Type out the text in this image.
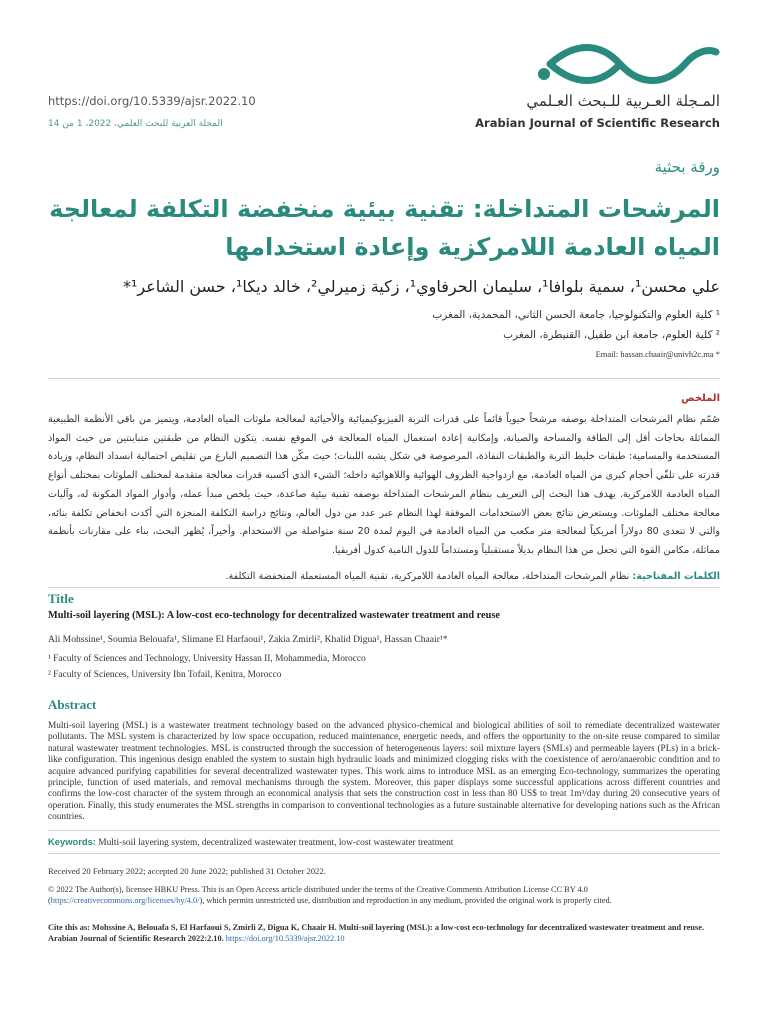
https://doi.org/10.5339/ajsr.2022.10
المجلة العربية للبحث العلمي، 2022، 1 من 14
المـجلة العـربية للـبحث العـلمي
Arabian Journal of Scientific Research
ورقة بحثية
المرشحات المتداخلة: تقنية بيئية منخفضة التكلفة لمعالجة المياه العادمة اللامركزية وإعادة استخدامها
علي محسن¹، سمية بلوافا¹، سليمان الحرفاوي¹، زكية زميرلي²، خالد ديكا¹، حسن الشاعر¹*
¹ كلية العلوم والتكنولوجيا، جامعة الحسن الثاني، المحمدية، المغرب
² كلية العلوم، جامعة ابن طفيل، القنيطرة، المغرب
Email: hassan.chaair@univh2c.ma *
الملخص
صُمّم نظام المرشحات المتداخلة بوصفه مرشحاً حيوياً قائماً على قدرات التربة الفيزيوكيميائية والأحيائية لمعالجة ملوثات المياه العادمة، ويتميز من باقي الأنظمة الطبيعية المماثلة بحاجات أقل إلى الطاقة والمساحة والصيانة، وإمكانية إعادة استعمال المياه المعالجة في الموقع نفسه. يتكون النظام من طبقتين متباينتين من حيث المواد المستخدمة والمسامية: طبقات خليط التربة والطبقات النفاذة، المرصوصة في شكل يشبه اللبنات؛ حيث مكّن هذا التصميم البارع من تقليص احتمالية انسداد النظام، وزيادة قدرته على تلقّي أحجام كبرى من المياه العادمة، مع ازدواجية الظروف الهوائية واللاهوائية داخله؛ الشيء الذي أكسبه قدرات معالجة متقدمة لمختلف الملوثات بمختلف أنواع المياه العادمة اللامركزية. يهدف هذا البحث إلى التعريف بنظام المرشحات المتداخلة بوصفه تقنية بيئية صاعدة، حيث يلخص مبدأ عمله، وأدوار المواد المكونة له، وآليات معالجة مختلف الملوثات. ويستعرض نتائج بعض الاستخدامات الموفقة لهذا النظام عبر عدد من دول العالم، ونتائج دراسة التكلفة المنجزة التي أكدت انخفاض تكلفة بنائه، والتي لا تتعدى 80 دولاراً أمريكياً لمعالجة متر مكعب من المياه العادمة في اليوم لمدة 20 سنة متواصلة من الاستخدام. وأخيراً، يُظهر البحث، بناء على مقارنات بأنظمة مماثلة، مكامن القوة التي تجعل من هذا النظام بديلاً مستقبلياً ومستداماً للدول النامية كدول أفريقيا.
الكلمات المفتاحية: نظام المرشحات المتداخلة، معالجة المياه العادمة اللامركزية، تقنية المياه المستعملة المنخفضة التكلفة.
Title
Multi-soil layering (MSL): A low-cost eco-technology for decentralized wastewater treatment and reuse
Ali Mohssine¹, Soumia Belouafa¹, Slimane El Harfaoui¹, Zakia Zmirli², Khalid Digua¹, Hassan Chaair¹*
¹ Faculty of Sciences and Technology, University Hassan II, Mohammedia, Morocco
² Faculty of Sciences, University Ibn Tofail, Kenitra, Morocco
Abstract
Multi-soil layering (MSL) is a wastewater treatment technology based on the advanced physico-chemical and biological abilities of soil to remediate decentralized wastewater pollutants. The MSL system is characterized by low space occupation, reduced maintenance, energetic needs, and offers the opportunity to the on-site reuse compared to similar natural wastewater treatment technologies. MSL is constructed through the succession of heterogeneous layers: soil mixture layers (SMLs) and permeable layers (PLs) in a brick-like configuration. This ingenious design enabled the system to sustain high hydraulic loads and minimized clogging risks with the coexistence of aero/anaerobic condition and to acquire advanced purifying capabilities for several decentralized wastewater types. This work aims to introduce MSL as an emerging Eco-technology, summarizes the operating principle, function of used materials, and removal mechanisms through the system. Moreover, this paper displays some successful applications across different countries and confirms the low-cost character of the system through an economical analysis that sets the construction cost in less than 80 US$ to treat 1m³/day during 20 consecutive years of operation. Finally, this study enumerates the MSL strengths in comparison to conventional technologies as a future sustainable alternative for developing nations such as the African countries.
Keywords: Multi-soil layering system, decentralized wastewater treatment, low-cost wastewater treatment
Received 20 February 2022; accepted 20 June 2022; published 31 October 2022.
© 2022 The Author(s), licensee HBKU Press. This is an Open Access article distributed under the terms of the Creative Comments Attribution License CC BY 4.0 (https://creativecommons.org/licenses/by/4.0/), which permits unrestricted use, distribution and reproduction in any medium, provided the original work is properly cited.
Cite this as: Mohssine A, Belouafa S, El Harfaoui S, Zmirli Z, Digua K, Chaair H. Multi-soil layering (MSL): a low-cost eco-technology for decentralized wastewater treatment and reuse. Arabian Journal of Scientific Research 2022:2.10. https://doi.org/10.5339/ajsr.2022.10
